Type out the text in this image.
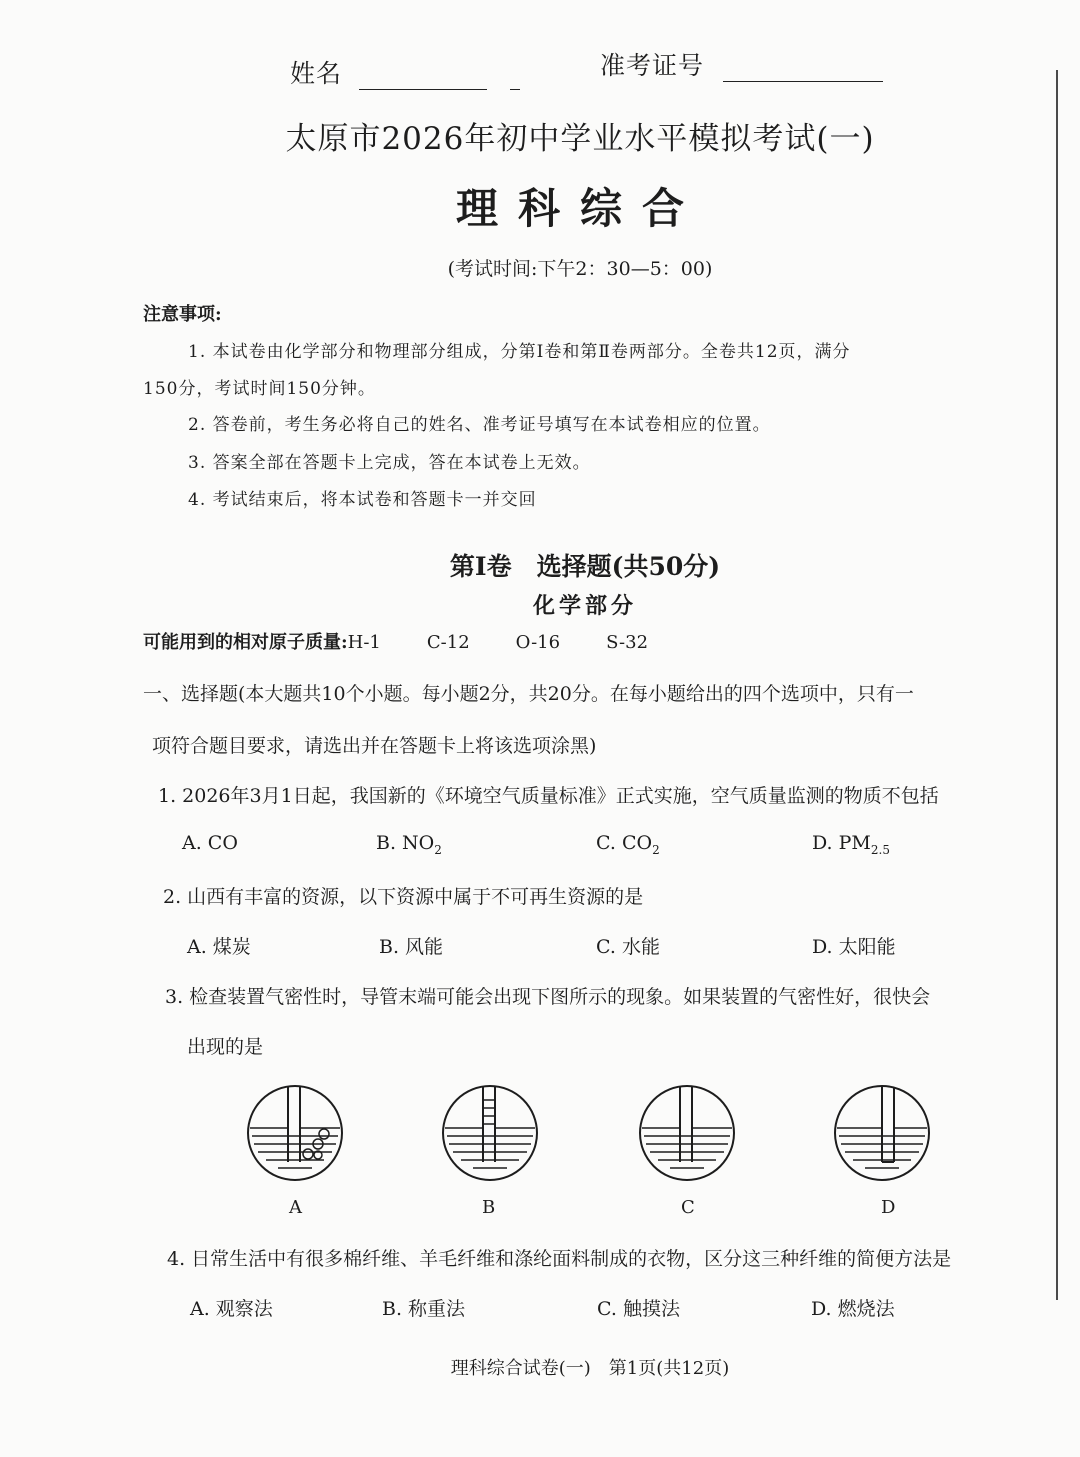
姓名	准考证号
太原市2026年初中学业水平模拟考试(一)
理科综合
(考试时间:下午2：30—5：00)
注意事项:
1. 本试卷由化学部分和物理部分组成，分第Ⅰ卷和第Ⅱ卷两部分。全卷共12页，满分
150分，考试时间150分钟。
2. 答卷前，考生务必将自己的姓名、准考证号填写在本试卷相应的位置。
3. 答案全部在答题卡上完成，答在本试卷上无效。
4. 考试结束后，将本试卷和答题卡一并交回
第Ⅰ卷　选择题(共50分)
化学部分
可能用到的相对原子质量:H-1	C-12	O-16	S-32
一、选择题(本大题共10个小题。每小题2分，共20分。在每小题给出的四个选项中，只有一
项符合题目要求，请选出并在答题卡上将该选项涂黑)
1. 2026年3月1日起，我国新的《环境空气质量标准》正式实施，空气质量监测的物质不包括
A. CO	B. $NO_2$	C. $CO_2$	D. $PM_{2.5}$
2. 山西有丰富的资源，以下资源中属于不可再生资源的是
A. 煤炭	B. 风能	C. 水能	D. 太阳能
3. 检查装置气密性时，导管末端可能会出现下图所示的现象。如果装置的气密性好，很快会
出现的是
A	B	C	D
4. 日常生活中有很多棉纤维、羊毛纤维和涤纶面料制成的衣物，区分这三种纤维的简便方法是
A. 观察法	B. 称重法	C. 触摸法	D. 燃烧法
理科综合试卷(一)　第1页(共12页)
